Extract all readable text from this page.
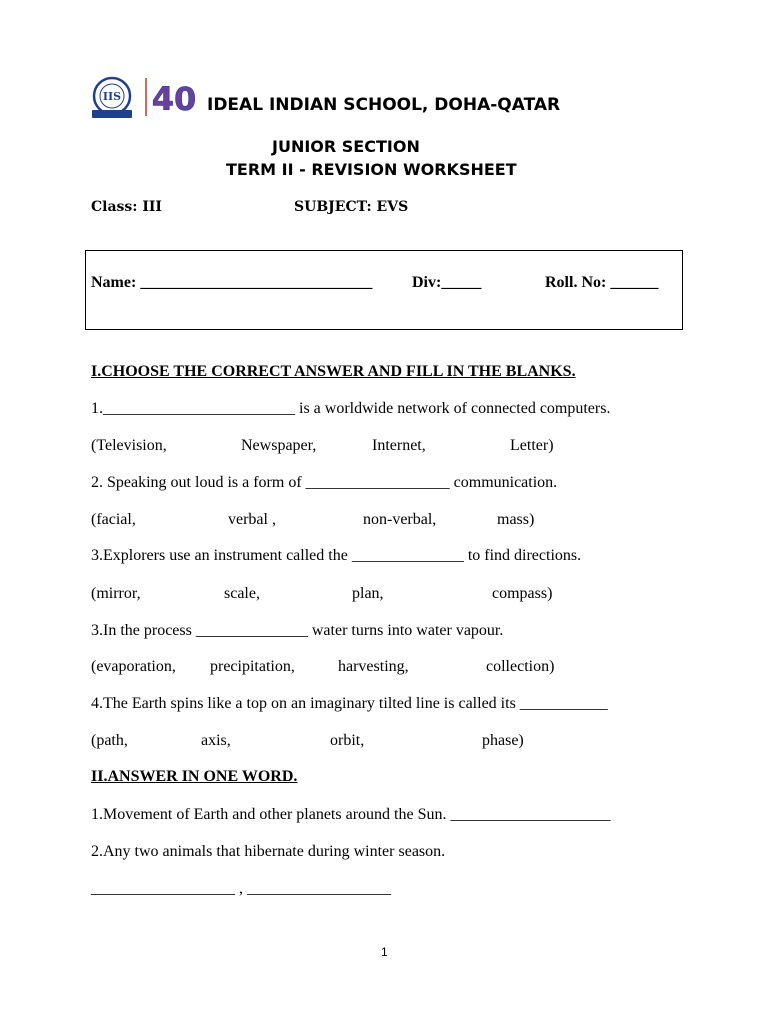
IIS 40 IDEAL INDIAN SCHOOL, DOHA-QATAR
JUNIOR SECTION
TERM II - REVISION WORKSHEET
Class: III	SUBJECT: EVS
Name: _____________________________ Div:_____	Roll. No: ______
I.CHOOSE THE CORRECT ANSWER AND FILL IN THE BLANKS.
1.________________________ is a worldwide network of connected computers.
(Television,	Newspaper,	Internet,	Letter)
2. Speaking out loud is a form of __________________ communication.
(facial,	verbal ,	non-verbal,	mass)
3.Explorers use an instrument called the ______________ to find directions.
(mirror,	scale,	plan,	compass)
3.In the process ______________ water turns into water vapour.
(evaporation, precipitation,	harvesting,	collection)
4.The Earth spins like a top on an imaginary tilted line is called its ___________
(path,	axis,	orbit,	phase)
II.ANSWER IN ONE WORD.
1.Movement of Earth and other planets around the Sun. ____________________
2.Any two animals that hibernate during winter season.
__________________ , __________________
1
